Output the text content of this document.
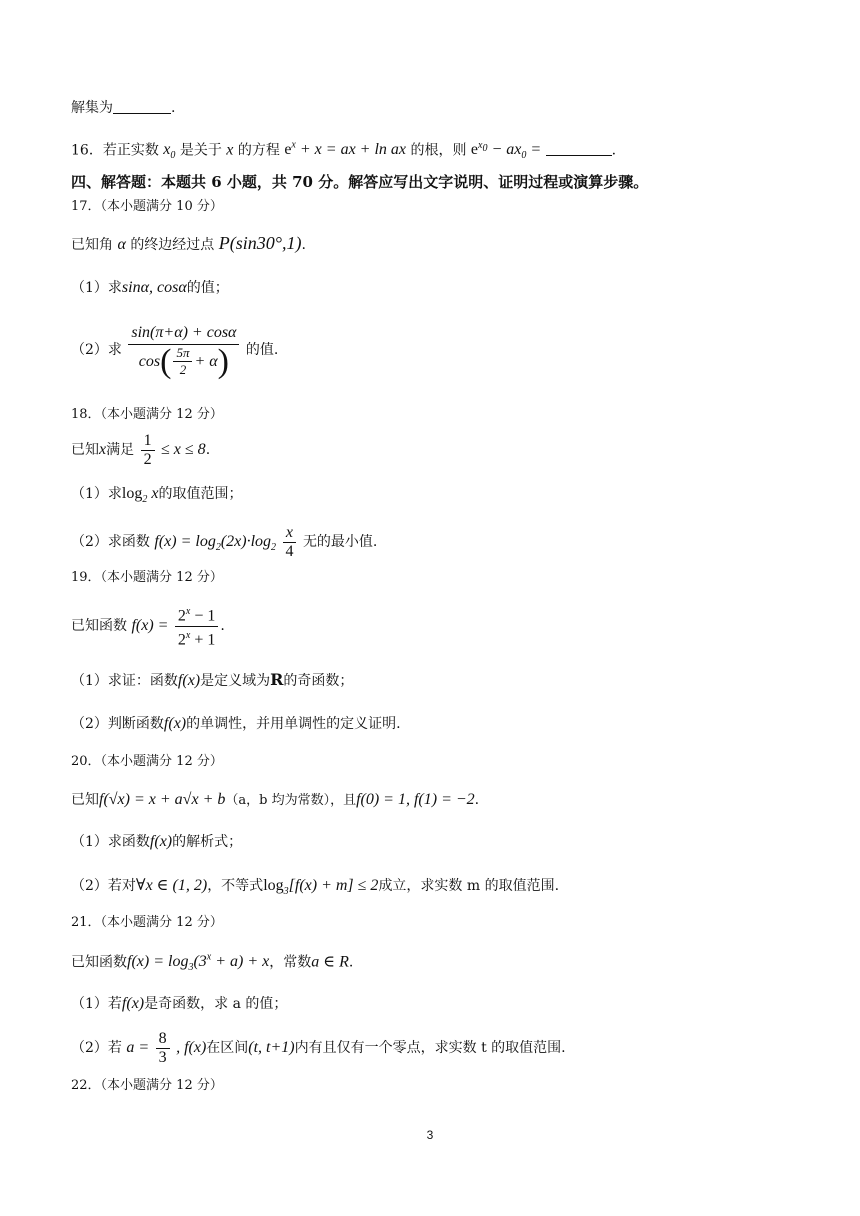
解集为	.
16．若正实数 $x_0$ 是关于 x 的方程 $e^x + x$ = ax + ln ax 的根，则 $e^{x_0} - ax_0$ =	.
四、解答题：本题共 6 小题，共 70 分。解答应写出文字说明、证明过程或演算步骤。
17．（本小题满分 10 分）
已知角 α 的终边经过点 P(sin30°,1).
（1）求sinα, cosα的值；
（2）求
sin(π+α) + cosα
cos ( $\frac{5\pi}{2} + \alpha$ ) 的值.
18．（本小题满分 12 分）
已知x满足 $\frac{1}{2} \le x \le 8$.
（1）求$\log_2 x$的取值范围；
（2）求函数 $f(x) = \log_2(2x)\cdot\log_2 \frac{x}{4}$ 无的最小值.
19．（本小题满分 12 分）
已知函数 $f(x) = \frac{2^x - 1}{2^x + 1}$ .
（1）求证：函数f(x)是定义域为R的奇函数；
（2）判断函数f(x)的单调性，并用单调性的定义证明.
20．（本小题满分 12 分）
已知f(√x) = x + a√x + b（a，b 均为常数），且f(0) = 1, f(1) = −2.
（1）求函数f(x)的解析式；
（2）若对∀x ∈ (1, 2)，不等式$\log_3[f(x) + m] \le 2$成立，求实数 m 的取值范围.
21．（本小题满分 12 分）
已知函数$f(x) = \log_3(3^x + a) + x$，常数a ∈ R.
（1）若f(x)是奇函数，求 a 的值；
（2）若 $a = \frac{8}{3}$ , f(x)在区间(t, t+1)内有且仅有一个零点，求实数 t 的取值范围.
22．（本小题满分 12 分）
3
